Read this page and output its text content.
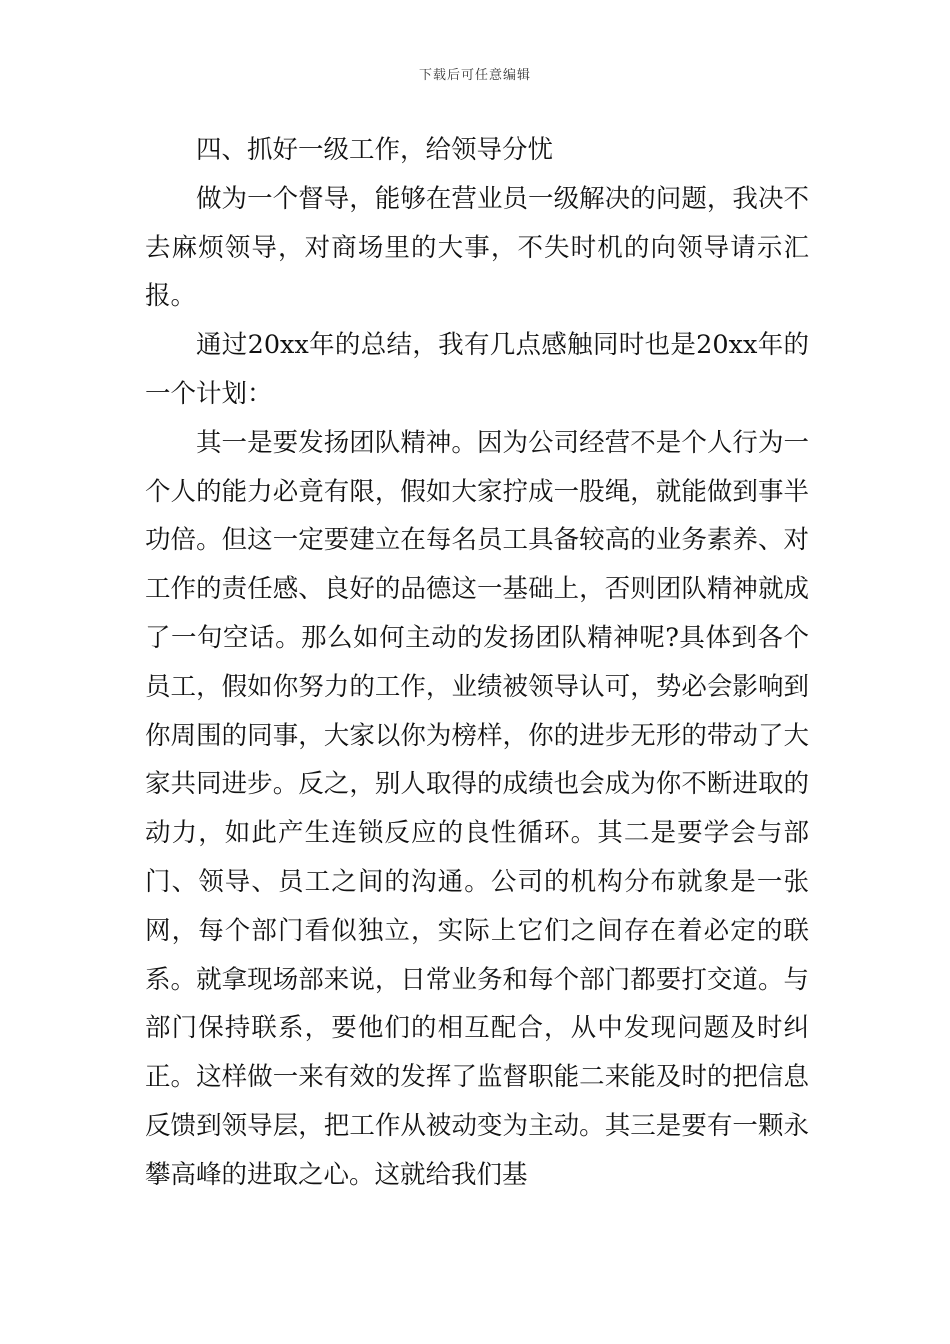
下载后可任意编辑

四、抓好一级工作，给领导分忧

做为一个督导，能够在营业员一级解决的问题，我决不去麻烦领导，对商场里的大事，不失时机的向领导请示汇报。

通过20xx年的总结，我有几点感触同时也是20xx年的一个计划：

其一是要发扬团队精神。因为公司经营不是个人行为一个人的能力必竟有限，假如大家拧成一股绳，就能做到事半功倍。但这一定要建立在每名员工具备较高的业务素养、对工作的责任感、良好的品德这一基础上，否则团队精神就成了一句空话。那么如何主动的发扬团队精神呢?具体到各个员工，假如你努力的工作，业绩被领导认可，势必会影响到你周围的同事，大家以你为榜样，你的进步无形的带动了大家共同进步。反之，别人取得的成绩也会成为你不断进取的动力，如此产生连锁反应的良性循环。其二是要学会与部门、领导、员工之间的沟通。公司的机构分布就象是一张网，每个部门看似独立，实际上它们之间存在着必定的联系。就拿现场部来说，日常业务和每个部门都要打交道。与部门保持联系，要他们的相互配合，从中发现问题及时纠正。这样做一来有效的发挥了监督职能二来能及时的把信息反馈到领导层，把工作从被动变为主动。其三是要有一颗永攀高峰的进取之心。这就给我们基
